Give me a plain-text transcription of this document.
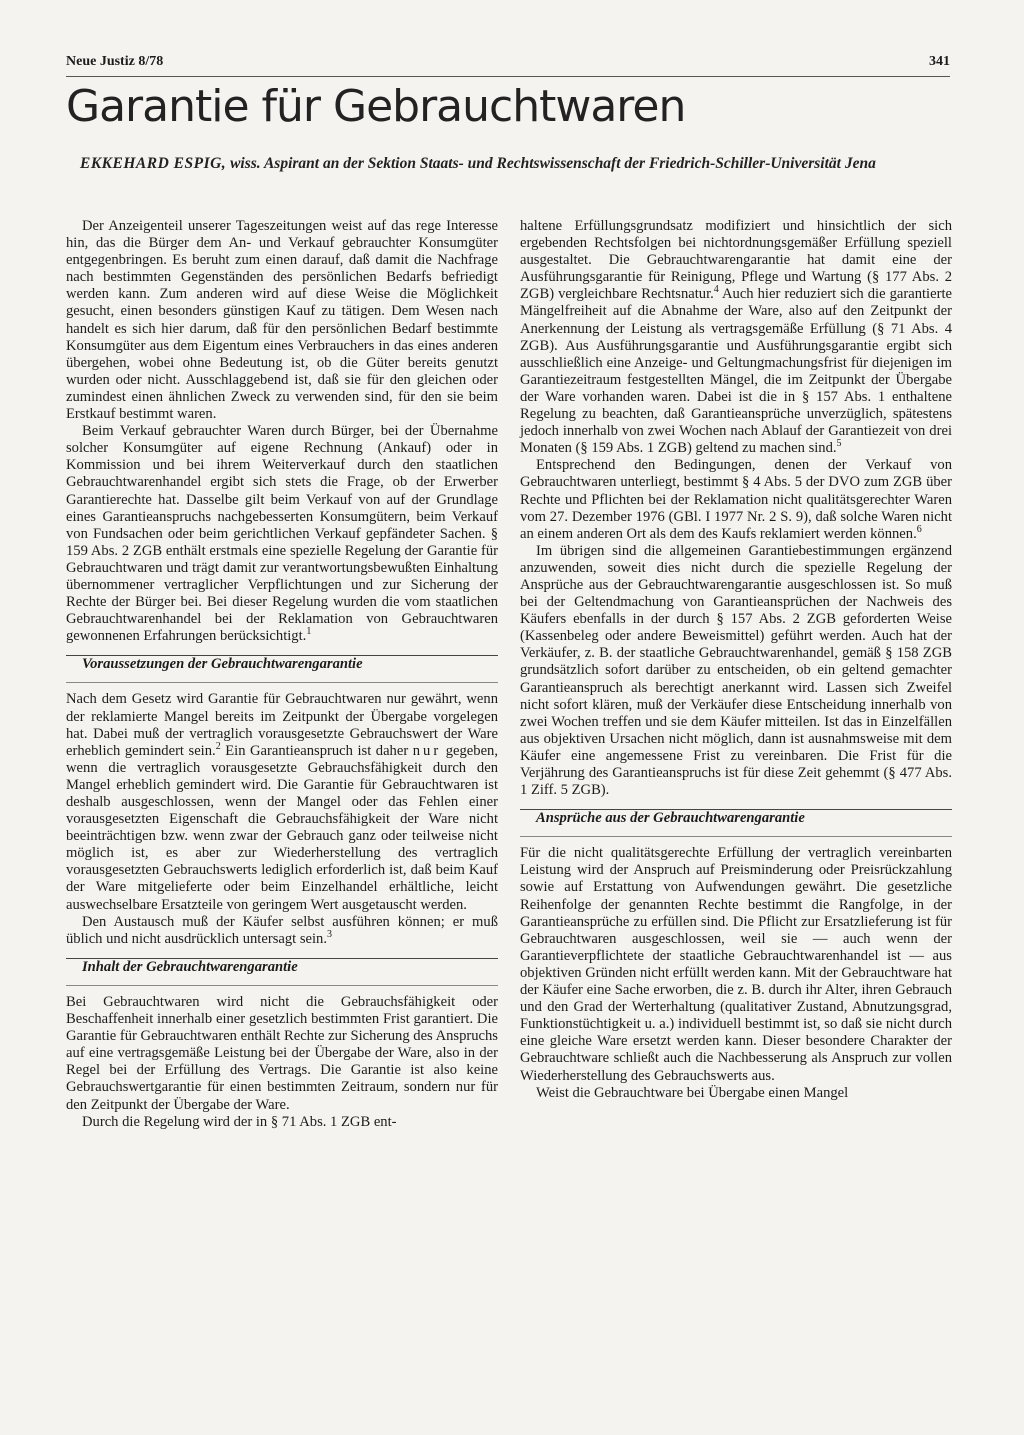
Neue Justiz 8/78	341
Garantie für Gebrauchtwaren
EKKEHARD ESPIG, wiss. Aspirant an der Sektion Staats- und Rechtswissenschaft der Friedrich-Schiller-Universität Jena

Der Anzeigenteil unserer Tageszeitungen weist auf das rege Interesse hin, das die Bürger dem An- und Verkauf gebrauchter Konsumgüter entgegenbringen. Es beruht zum einen darauf, daß damit die Nachfrage nach bestimmten Gegenständen des persönlichen Bedarfs befriedigt werden kann. Zum anderen wird auf diese Weise die Möglichkeit gesucht, einen besonders günstigen Kauf zu tätigen. Dem Wesen nach handelt es sich hier darum, daß für den persönlichen Bedarf bestimmte Konsumgüter aus dem Eigentum eines Verbrauchers in das eines anderen übergehen, wobei ohne Bedeutung ist, ob die Güter bereits genutzt wurden oder nicht. Ausschlaggebend ist, daß sie für den gleichen oder zumindest einen ähnlichen Zweck zu verwenden sind, für den sie beim Erstkauf bestimmt waren.

Beim Verkauf gebrauchter Waren durch Bürger, bei der Übernahme solcher Konsumgüter auf eigene Rechnung (Ankauf) oder in Kommission und bei ihrem Weiterverkauf durch den staatlichen Gebrauchtwarenhandel ergibt sich stets die Frage, ob der Erwerber Garantierechte hat. Dasselbe gilt beim Verkauf von auf der Grundlage eines Garantieanspruchs nachgebesserten Konsumgütern, beim Verkauf von Fundsachen oder beim gerichtlichen Verkauf gepfändeter Sachen. § 159 Abs. 2 ZGB enthält erstmals eine spezielle Regelung der Garantie für Gebrauchtwaren und trägt damit zur verantwortungsbewußten Einhaltung übernommener vertraglicher Verpflichtungen und zur Sicherung der Rechte der Bürger bei. Bei dieser Regelung wurden die vom staatlichen Gebrauchtwarenhandel bei der Reklamation von Gebrauchtwaren gewonnenen Erfahrungen berücksichtigt.$^1$

Voraussetzungen der Gebrauchtwarengarantie

Nach dem Gesetz wird Garantie für Gebrauchtwaren nur gewährt, wenn der reklamierte Mangel bereits im Zeitpunkt der Übergabe vorgelegen hat. Dabei muß der vertraglich vorausgesetzte Gebrauchswert der Ware erheblich gemindert sein.$^2$ Ein Garantieanspruch ist daher nur gegeben, wenn die vertraglich vorausgesetzte Gebrauchsfähigkeit durch den Mangel erheblich gemindert wird. Die Garantie für Gebrauchtwaren ist deshalb ausgeschlossen, wenn der Mangel oder das Fehlen einer vorausgesetzten Eigenschaft die Gebrauchsfähigkeit der Ware nicht beeinträchtigen bzw. wenn zwar der Gebrauch ganz oder teilweise nicht möglich ist, es aber zur Wiederherstellung des vertraglich vorausgesetzten Gebrauchswerts lediglich erforderlich ist, daß beim Kauf der Ware mitgelieferte oder beim Einzelhandel erhältliche, leicht auswechselbare Ersatzteile von geringem Wert ausgetauscht werden.

Den Austausch muß der Käufer selbst ausführen können; er muß üblich und nicht ausdrücklich untersagt sein.$^3$

Inhalt der Gebrauchtwarengarantie

Bei Gebrauchtwaren wird nicht die Gebrauchsfähigkeit oder Beschaffenheit innerhalb einer gesetzlich bestimmten Frist garantiert. Die Garantie für Gebrauchtwaren enthält Rechte zur Sicherung des Anspruchs auf eine vertragsgemäße Leistung bei der Übergabe der Ware, also in der Regel bei der Erfüllung des Vertrags. Die Garantie ist also keine Gebrauchswertgarantie für einen bestimmten Zeitraum, sondern nur für den Zeitpunkt der Übergabe der Ware.

Durch die Regelung wird der in § 71 Abs. 1 ZGB ent-

haltene Erfüllungsgrundsatz modifiziert und hinsichtlich der sich ergebenden Rechtsfolgen bei nichtordnungsgemäßer Erfüllung speziell ausgestaltet. Die Gebrauchtwarengarantie hat damit eine der Ausführungsgarantie für Reinigung, Pflege und Wartung (§ 177 Abs. 2 ZGB) vergleichbare Rechtsnatur.$^4$ Auch hier reduziert sich die garantierte Mängelfreiheit auf die Abnahme der Ware, also auf den Zeitpunkt der Anerkennung der Leistung als vertragsgemäße Erfüllung (§ 71 Abs. 4 ZGB). Aus Ausführungsgarantie und Ausführungsgarantie ergibt sich ausschließlich eine Anzeige- und Geltungmachungsfrist für diejenigen im Garantiezeitraum festgestellten Mängel, die im Zeitpunkt der Übergabe der Ware vorhanden waren. Dabei ist die in § 157 Abs. 1 enthaltene Regelung zu beachten, daß Garantieansprüche unverzüglich, spätestens jedoch innerhalb von zwei Wochen nach Ablauf der Garantiezeit von drei Monaten (§ 159 Abs. 1 ZGB) geltend zu machen sind.$^5$

Entsprechend den Bedingungen, denen der Verkauf von Gebrauchtwaren unterliegt, bestimmt § 4 Abs. 5 der DVO zum ZGB über Rechte und Pflichten bei der Reklamation nicht qualitätsgerechter Waren vom 27. Dezember 1976 (GBl. I 1977 Nr. 2 S. 9), daß solche Waren nicht an einem anderen Ort als dem des Kaufs reklamiert werden können.$^6$

Im übrigen sind die allgemeinen Garantiebestimmungen ergänzend anzuwenden, soweit dies nicht durch die spezielle Regelung der Ansprüche aus der Gebrauchtwarengarantie ausgeschlossen ist. So muß bei der Geltendmachung von Garantieansprüchen der Nachweis des Käufers ebenfalls in der durch § 157 Abs. 2 ZGB geforderten Weise (Kassenbeleg oder andere Beweismittel) geführt werden. Auch hat der Verkäufer, z. B. der staatliche Gebrauchtwarenhandel, gemäß § 158 ZGB grundsätzlich sofort darüber zu entscheiden, ob ein geltend gemachter Garantieanspruch als berechtigt anerkannt wird. Lassen sich Zweifel nicht sofort klären, muß der Verkäufer diese Entscheidung innerhalb von zwei Wochen treffen und sie dem Käufer mitteilen. Ist das in Einzelfällen aus objektiven Ursachen nicht möglich, dann ist ausnahmsweise mit dem Käufer eine angemessene Frist zu vereinbaren. Die Frist für die Verjährung des Garantieanspruchs ist für diese Zeit gehemmt (§ 477 Abs. 1 Ziff. 5 ZGB).

Ansprüche aus der Gebrauchtwarengarantie

Für die nicht qualitätsgerechte Erfüllung der vertraglich vereinbarten Leistung wird der Anspruch auf Preisminderung oder Preisrückzahlung sowie auf Erstattung von Aufwendungen gewährt. Die gesetzliche Reihenfolge der genannten Rechte bestimmt die Rangfolge, in der Garantieansprüche zu erfüllen sind. Die Pflicht zur Ersatzlieferung ist für Gebrauchtwaren ausgeschlossen, weil sie — auch wenn der Garantieverpflichtete der staatliche Gebrauchtwarenhandel ist — aus objektiven Gründen nicht erfüllt werden kann. Mit der Gebrauchtware hat der Käufer eine Sache erworben, die z. B. durch ihr Alter, ihren Gebrauch und den Grad der Werterhaltung (qualitativer Zustand, Abnutzungsgrad, Funktionstüchtigkeit u. a.) individuell bestimmt ist, so daß sie nicht durch eine gleiche Ware ersetzt werden kann. Dieser besondere Charakter der Gebrauchtware schließt auch die Nachbesserung als Anspruch zur vollen Wiederherstellung des Gebrauchswerts aus.

Weist die Gebrauchtware bei Übergabe einen Mangel
